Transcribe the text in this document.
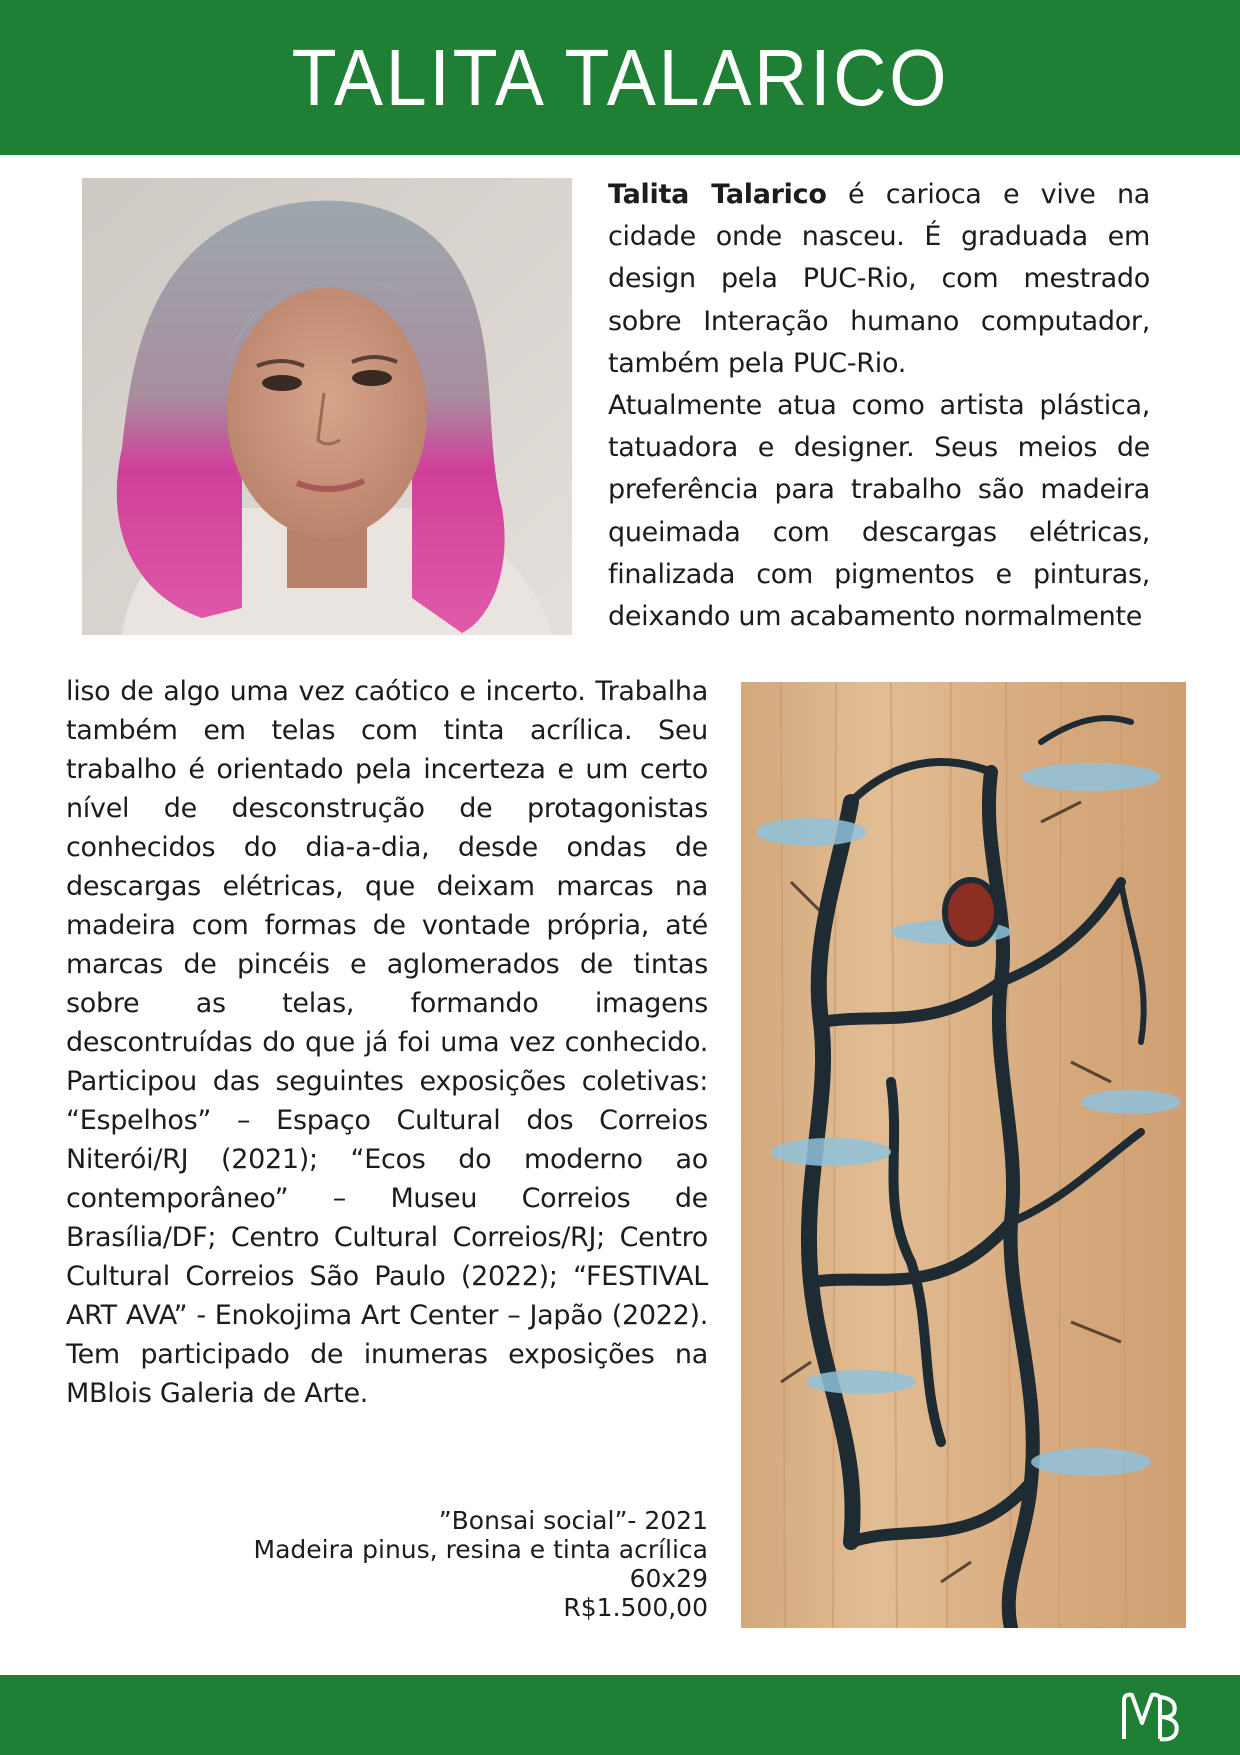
TALITA TALARICO

Talita Talarico é carioca e vive na cidade onde nasceu. É graduada em design pela PUC-Rio, com mestrado sobre Interação humano computador, também pela PUC-Rio.
Atualmente atua como artista plástica, tatuadora e designer. Seus meios de preferência para trabalho são madeira queimada com descargas elétricas, finalizada com pigmentos e pinturas, deixando um acabamento normalmente

liso de algo uma vez caótico e incerto. Trabalha também em telas com tinta acrílica. Seu trabalho é orientado pela incerteza e um certo nível de desconstrução de protagonistas conhecidos do dia-a-dia, desde ondas de descargas elétricas, que deixam marcas na madeira com formas de vontade própria, até marcas de pincéis e aglomerados de tintas sobre as telas, formando imagens descontruídas do que já foi uma vez conhecido. Participou das seguintes exposições coletivas: “Espelhos” – Espaço Cultural dos Correios Niterói/RJ (2021); “Ecos do moderno ao contemporâneo” – Museu Correios de Brasília/DF; Centro Cultural Correios/RJ; Centro Cultural Correios São Paulo (2022); “FESTIVAL ART AVA” - Enokojima Art Center – Japão (2022). Tem participado de inumeras exposições na MBlois Galeria de Arte.

”Bonsai social”- 2021
Madeira pinus, resina e tinta acrílica
60x29
R$1.500,00
